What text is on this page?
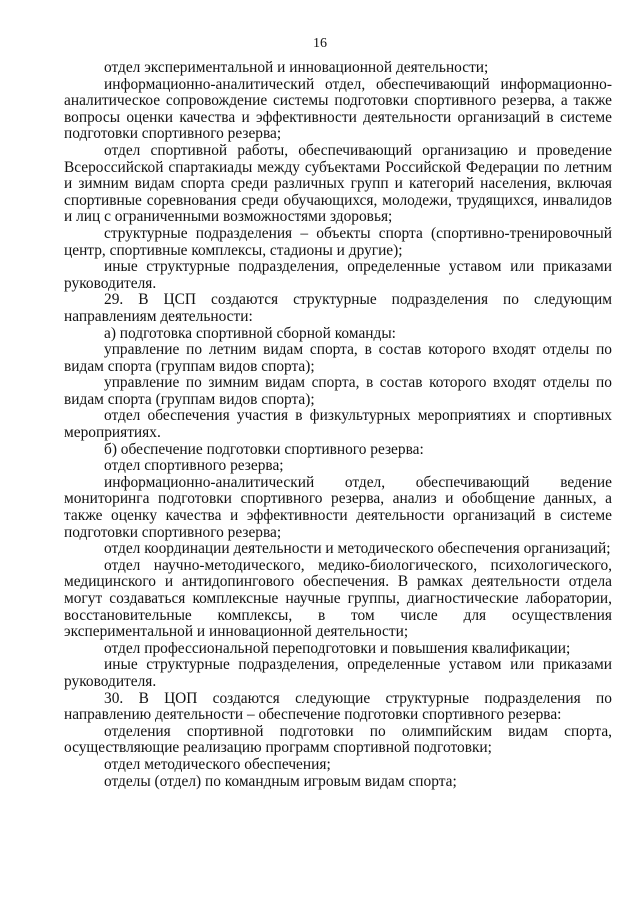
16

отдел экспериментальной и инновационной деятельности;

информационно-аналитический отдел, обеспечивающий информационно-аналитическое сопровождение системы подготовки спортивного резерва, а также вопросы оценки качества и эффективности деятельности организаций в системе подготовки спортивного резерва;

отдел спортивной работы, обеспечивающий организацию и проведение Всероссийской спартакиады между субъектами Российской Федерации по летним и зимним видам спорта среди различных групп и категорий населения, включая спортивные соревнования среди обучающихся, молодежи, трудящихся, инвалидов и лиц с ограниченными возможностями здоровья;

структурные подразделения – объекты спорта (спортивно-тренировочный центр, спортивные комплексы, стадионы и другие);

иные структурные подразделения, определенные уставом или приказами руководителя.

29. В ЦСП создаются структурные подразделения по следующим направлениям деятельности:

а) подготовка спортивной сборной команды:

управление по летним видам спорта, в состав которого входят отделы по видам спорта (группам видов спорта);

управление по зимним видам спорта, в состав которого входят отделы по видам спорта (группам видов спорта);

отдел обеспечения участия в физкультурных мероприятиях и спортивных мероприятиях.

б) обеспечение подготовки спортивного резерва:

отдел спортивного резерва;

информационно-аналитический отдел, обеспечивающий ведение мониторинга подготовки спортивного резерва, анализ и обобщение данных, а также оценку качества и эффективности деятельности организаций в системе подготовки спортивного резерва;

отдел координации деятельности и методического обеспечения организаций;

отдел научно-методического, медико-биологического, психологического, медицинского и антидопингового обеспечения. В рамках деятельности отдела могут создаваться комплексные научные группы, диагностические лаборатории, восстановительные комплексы, в том числе для осуществления экспериментальной и инновационной деятельности;

отдел профессиональной переподготовки и повышения квалификации;

иные структурные подразделения, определенные уставом или приказами руководителя.

30. В ЦОП создаются следующие структурные подразделения по направлению деятельности – обеспечение подготовки спортивного резерва:

отделения спортивной подготовки по олимпийским видам спорта, осуществляющие реализацию программ спортивной подготовки;

отдел методического обеспечения;

отделы (отдел) по командным игровым видам спорта;
